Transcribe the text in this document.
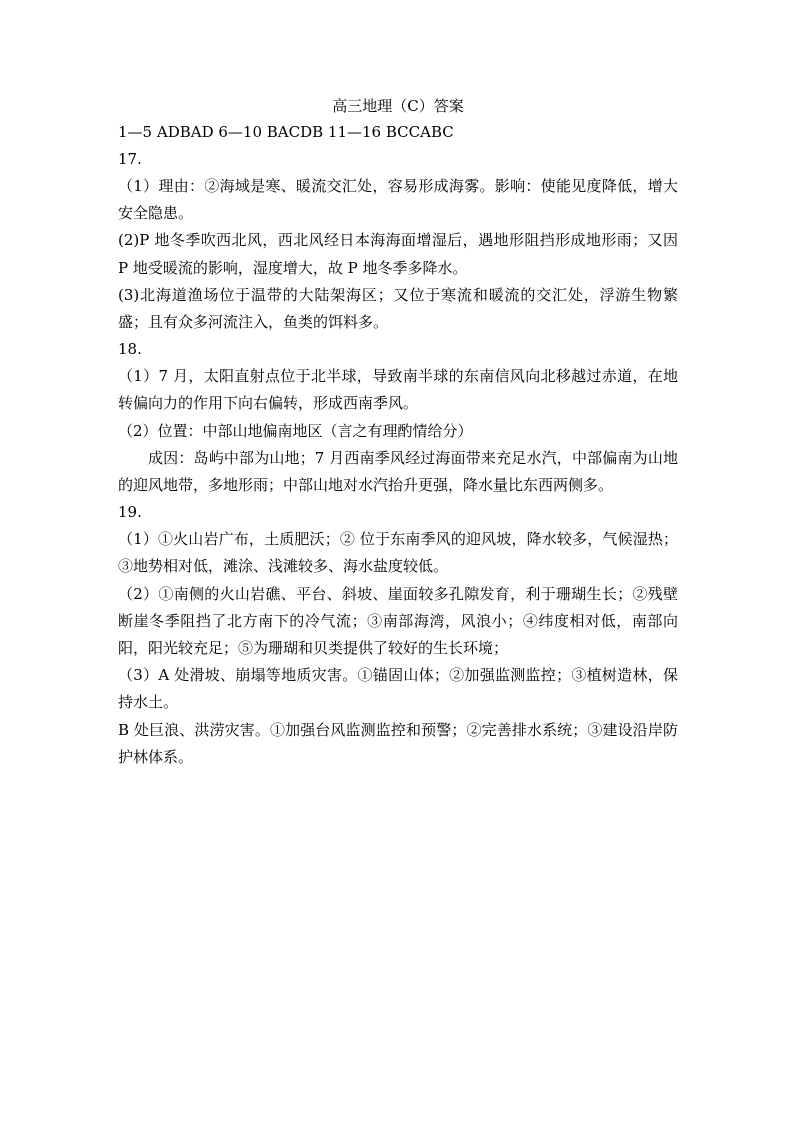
高三地理（C）答案
1—5 ADBAD 6—10 BACDB 11—16 BCCABC
17.
（1）理由：②海域是寒、暖流交汇处，容易形成海雾。影响：使能见度降低，增大安全隐患。
(2)P 地冬季吹西北风，西北风经日本海海面增湿后，遇地形阻挡形成地形雨；又因 P 地受暖流的影响，湿度增大，故 P 地冬季多降水。
(3)北海道渔场位于温带的大陆架海区；又位于寒流和暖流的交汇处，浮游生物繁盛；且有众多河流注入，鱼类的饵料多。
18.
（1）7 月，太阳直射点位于北半球，导致南半球的东南信风向北移越过赤道，在地转偏向力的作用下向右偏转，形成西南季风。
（2）位置：中部山地偏南地区（言之有理酌情给分）
成因：岛屿中部为山地；7 月西南季风经过海面带来充足水汽，中部偏南为山地的迎风地带，多地形雨；中部山地对水汽抬升更强，降水量比东西两侧多。
19.
（1）①火山岩广布，土质肥沃；② 位于东南季风的迎风坡，降水较多，气候湿热；③地势相对低，滩涂、浅滩较多、海水盐度较低。
（2）①南侧的火山岩礁、平台、斜坡、崖面较多孔隙发育，利于珊瑚生长；②残壁断崖冬季阻挡了北方南下的冷气流；③南部海湾，风浪小；④纬度相对低，南部向阳，阳光较充足；⑤为珊瑚和贝类提供了较好的生长环境；
（3）A 处滑坡、崩塌等地质灾害。①锚固山体；②加强监测监控；③植树造林，保持水土。
B 处巨浪、洪涝灾害。①加强台风监测监控和预警；②完善排水系统；③建设沿岸防护林体系。
